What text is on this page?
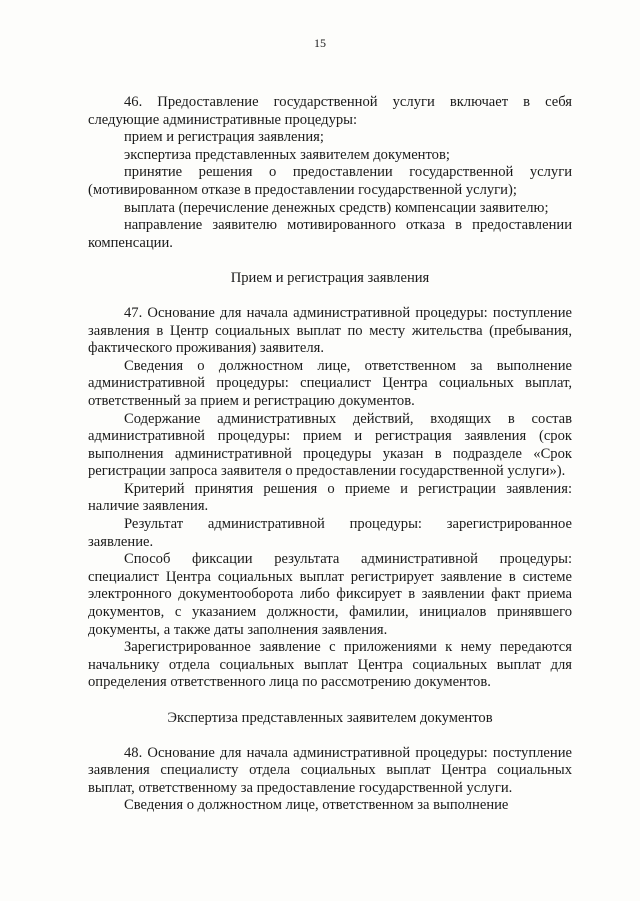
15

46. Предоставление государственной услуги включает в себя следующие административные процедуры:

прием и регистрация заявления;

экспертиза представленных заявителем документов;

принятие решения о предоставлении государственной услуги (мотивированном отказе в предоставлении государственной услуги);

выплата (перечисление денежных средств) компенсации заявителю;

направление заявителю мотивированного отказа в предоставлении компенсации.

Прием и регистрация заявления

47. Основание для начала административной процедуры: поступление заявления в Центр социальных выплат по месту жительства (пребывания, фактического проживания) заявителя.

Сведения о должностном лице, ответственном за выполнение административной процедуры: специалист Центра социальных выплат, ответственный за прием и регистрацию документов.

Содержание административных действий, входящих в состав административной процедуры: прием и регистрация заявления (срок выполнения административной процедуры указан в подразделе «Срок регистрации запроса заявителя о предоставлении государственной услуги»).

Критерий принятия решения о приеме и регистрации заявления: наличие заявления.

Результат административной процедуры: зарегистрированное заявление.

Способ фиксации результата административной процедуры: специалист Центра социальных выплат регистрирует заявление в системе электронного документооборота либо фиксирует в заявлении факт приема документов, с указанием должности, фамилии, инициалов принявшего документы, а также даты заполнения заявления.

Зарегистрированное заявление с приложениями к нему передаются начальнику отдела социальных выплат Центра социальных выплат для определения ответственного лица по рассмотрению документов.

Экспертиза представленных заявителем документов

48. Основание для начала административной процедуры: поступление заявления специалисту отдела социальных выплат Центра социальных выплат, ответственному за предоставление государственной услуги.

Сведения о должностном лице, ответственном за выполнение
